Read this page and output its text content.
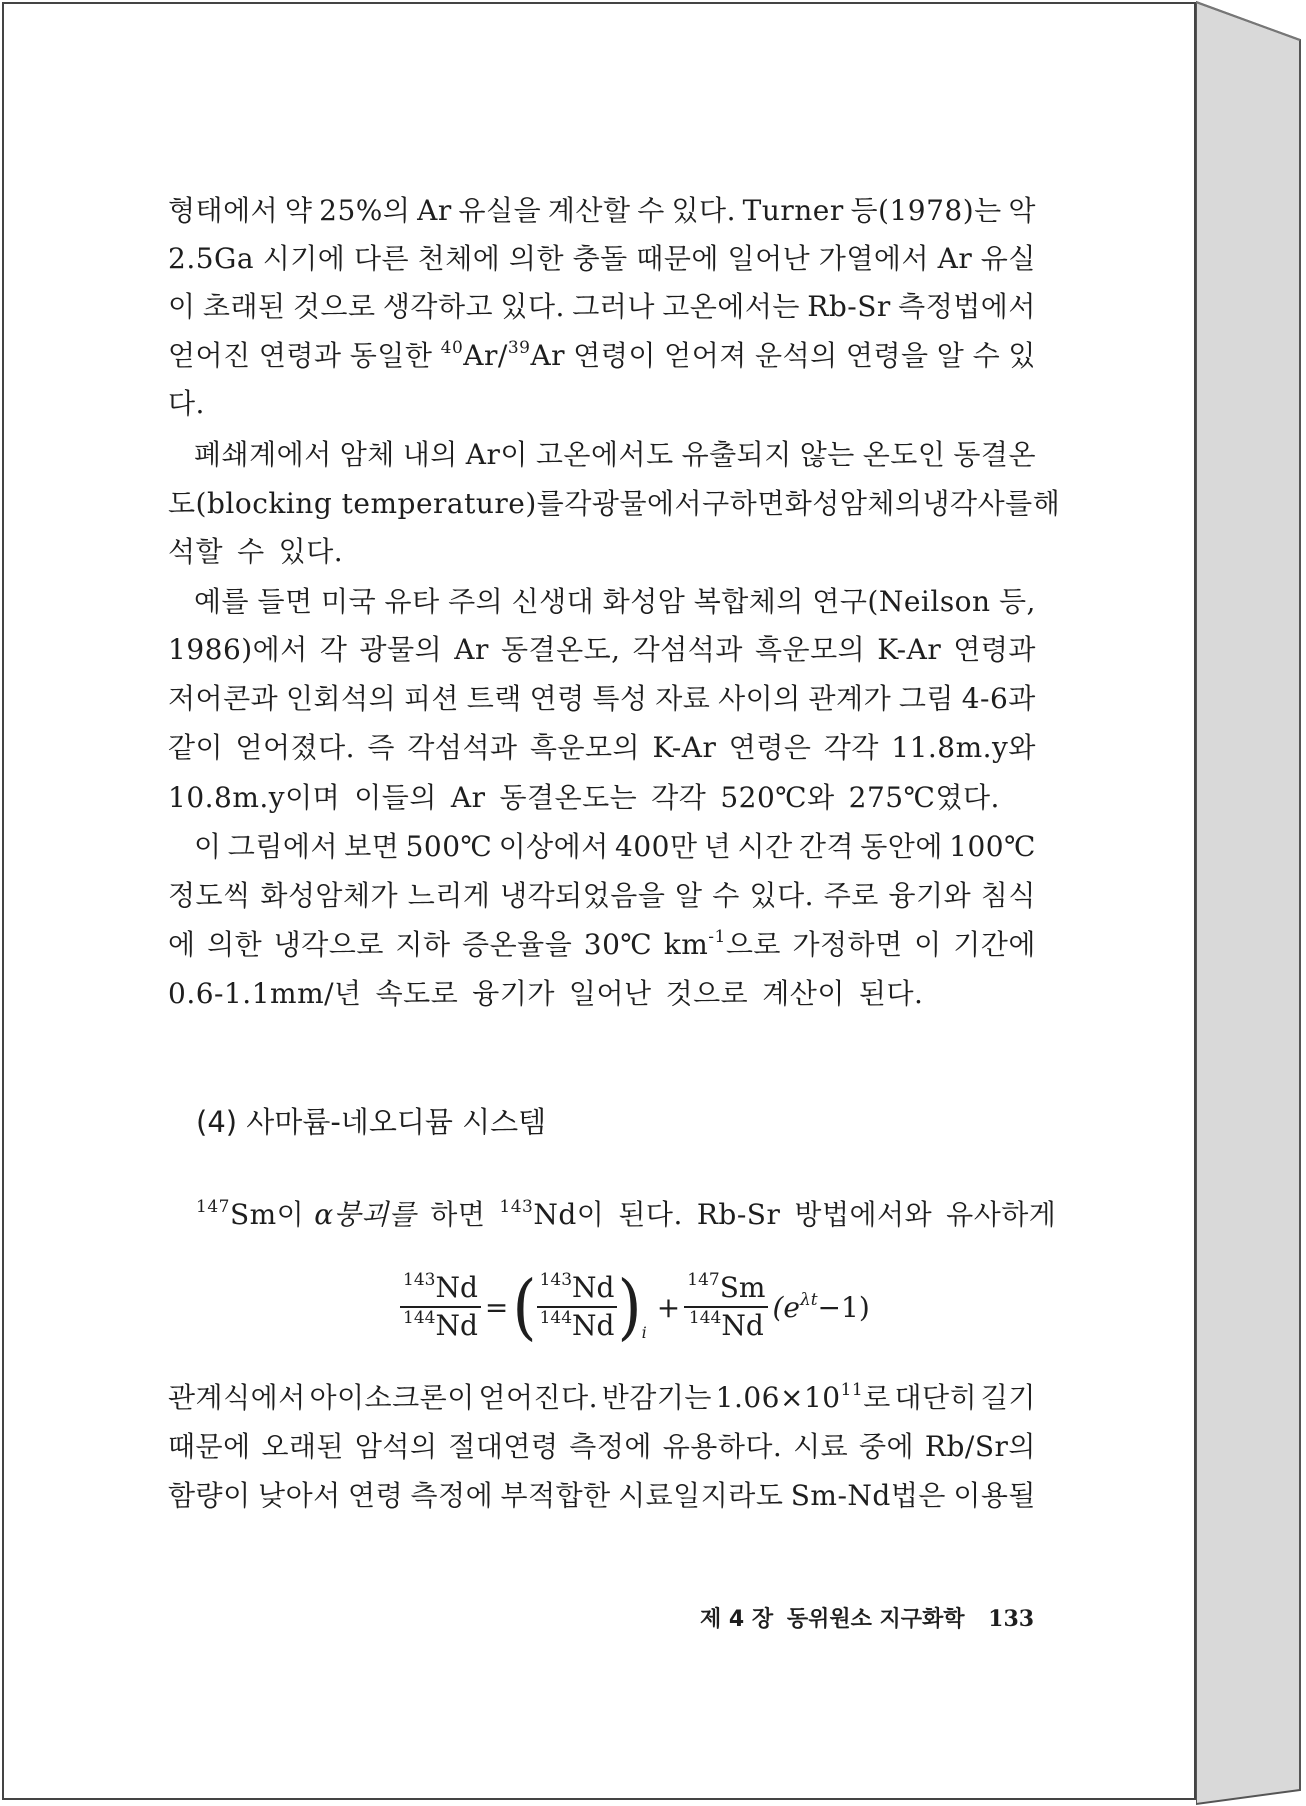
형태에서 약 25%의 Ar 유실을 계산할 수 있다. Turner 등(1978)는 악
2.5Ga 시기에 다른 천체에 의한 충돌 때문에 일어난 가열에서 Ar 유실
이 초래된 것으로 생각하고 있다. 그러나 고온에서는 Rb-Sr 측정법에서
얻어진 연령과 동일한 $^{40}$Ar/$^{39}$Ar 연령이 얻어져 운석의 연령을 알 수 있
다.
폐쇄계에서 암체 내의 Ar이 고온에서도 유출되지 않는 온도인 동결온
도(blocking temperature)를 각 광물에서 구하면 화성암체의 냉각사를 해
석할 수 있다.
예를 들면 미국 유타 주의 신생대 화성암 복합체의 연구(Neilson 등,
1986)에서 각 광물의 Ar 동결온도, 각섬석과 흑운모의 K-Ar 연령과
저어콘과 인회석의 피션 트랙 연령 특성 자료 사이의 관계가 그림 4-6과
같이 얻어졌다. 즉 각섬석과 흑운모의 K-Ar 연령은 각각 11.8m.y와
10.8m.y이며 이들의 Ar 동결온도는 각각 520℃와 275℃였다.
이 그림에서 보면 500℃ 이상에서 400만 년 시간 간격 동안에 100℃
정도씩 화성암체가 느리게 냉각되었음을 알 수 있다. 주로 융기와 침식
에 의한 냉각으로 지하 증온율을 30℃ $km^{-1}$으로 가정하면 이 기간에
0.6-1.1mm/년 속도로 융기가 일어난 것으로 계산이 된다.
(4) 사마륨-네오디뮴 시스템
$^{147}$Sm이 α붕괴를 하면 $^{143}$Nd이 된다. Rb-Sr 방법에서와 유사하게
$\frac{^{143}Nd}{^{144}Nd}$ = ( $\frac{^{143}Nd}{^{144}Nd}$ ) i
+ $\frac{^{147}Sm}{^{144}Nd} (e^{\lambda t}-1)$
관계식에서 아이소크론이 얻어진다. 반감기는 $1.06\times 10^{11}$로 대단히 길기
때문에 오래된 암석의 절대연령 측정에 유용하다. 시료 중에 Rb/Sr의
함량이 낮아서 연령 측정에 부적합한 시료일지라도 Sm-Nd법은 이용될
제 4 장 동위원소 지구화학 133
